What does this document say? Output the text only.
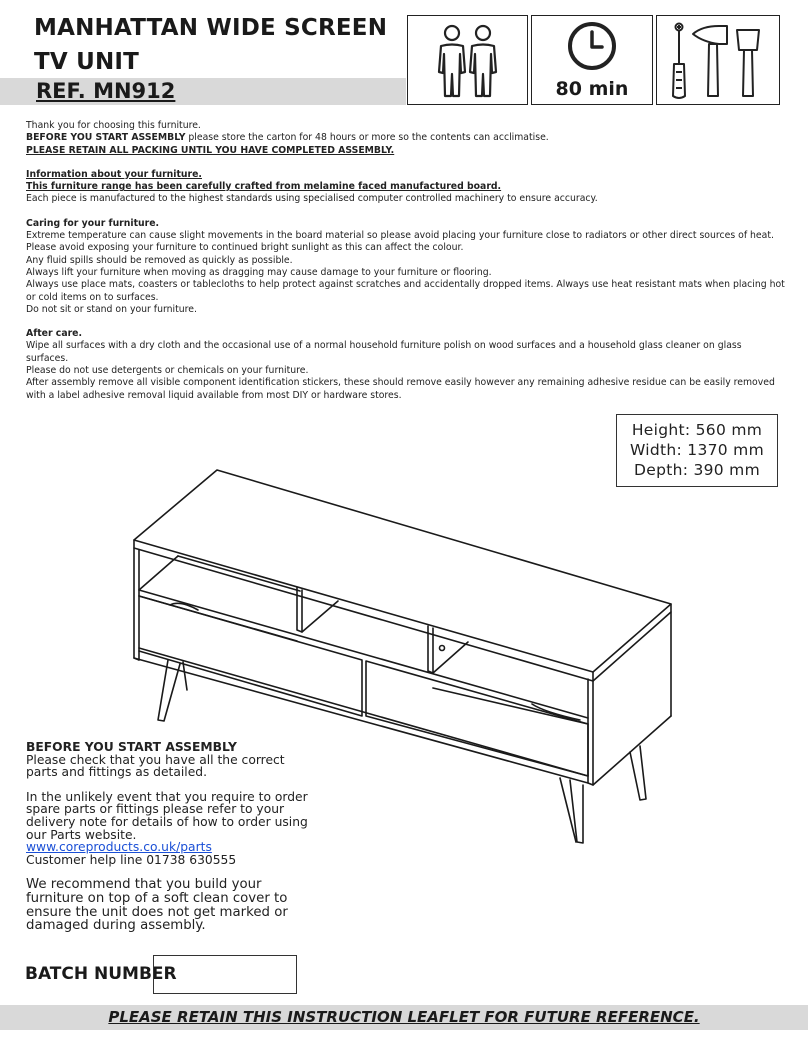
MANHATTAN WIDE SCREEN
TV UNIT
REF. MN912	80 min

Thank you for choosing this furniture.

BEFORE YOU START ASSEMBLY please store the carton for 48 hours or more so the contents can acclimatise.

PLEASE RETAIN ALL PACKING UNTIL YOU HAVE COMPLETED ASSEMBLY.

Information about your furniture.

This furniture range has been carefully crafted from melamine faced manufactured board.

Each piece is manufactured to the highest standards using specialised computer controlled machinery to ensure accuracy.

Caring for your furniture.

Extreme temperature can cause slight movements in the board material so please avoid placing your furniture close to radiators or other direct sources of heat.

Please avoid exposing your furniture to continued bright sunlight as this can affect the colour.

Any fluid spills should be removed as quickly as possible.

Always lift your furniture when moving as dragging may cause damage to your furniture or flooring.

Always use place mats, coasters or tablecloths to help protect against scratches and accidentally dropped items. Always use heat resistant mats when placing hot or cold items on to surfaces.

Do not sit or stand on your furniture.

After care.

Wipe all surfaces with a dry cloth and the occasional use of a normal household furniture polish on wood surfaces and a household glass cleaner on glass surfaces.

Please do not use detergents or chemicals on your furniture.

After assembly remove all visible component identification stickers, these should remove easily however any remaining adhesive residue can be easily removed with a label adhesive removal liquid available from most DIY or hardware stores.

Height: 560 mm
Width: 1370 mm
Depth: 390 mm

BEFORE YOU START ASSEMBLY

Please check that you have all the correct parts and fittings as detailed.

In the unlikely event that you require to order spare parts or fittings please refer to your delivery note for details of how to order using our Parts website.

www.coreproducts.co.uk/parts

Customer help line 01738 630555

We recommend that you build your furniture on top of a soft clean cover to ensure the unit does not get marked or damaged during assembly.

BATCH NUMBER
PLEASE RETAIN THIS INSTRUCTION LEAFLET FOR FUTURE REFERENCE.
